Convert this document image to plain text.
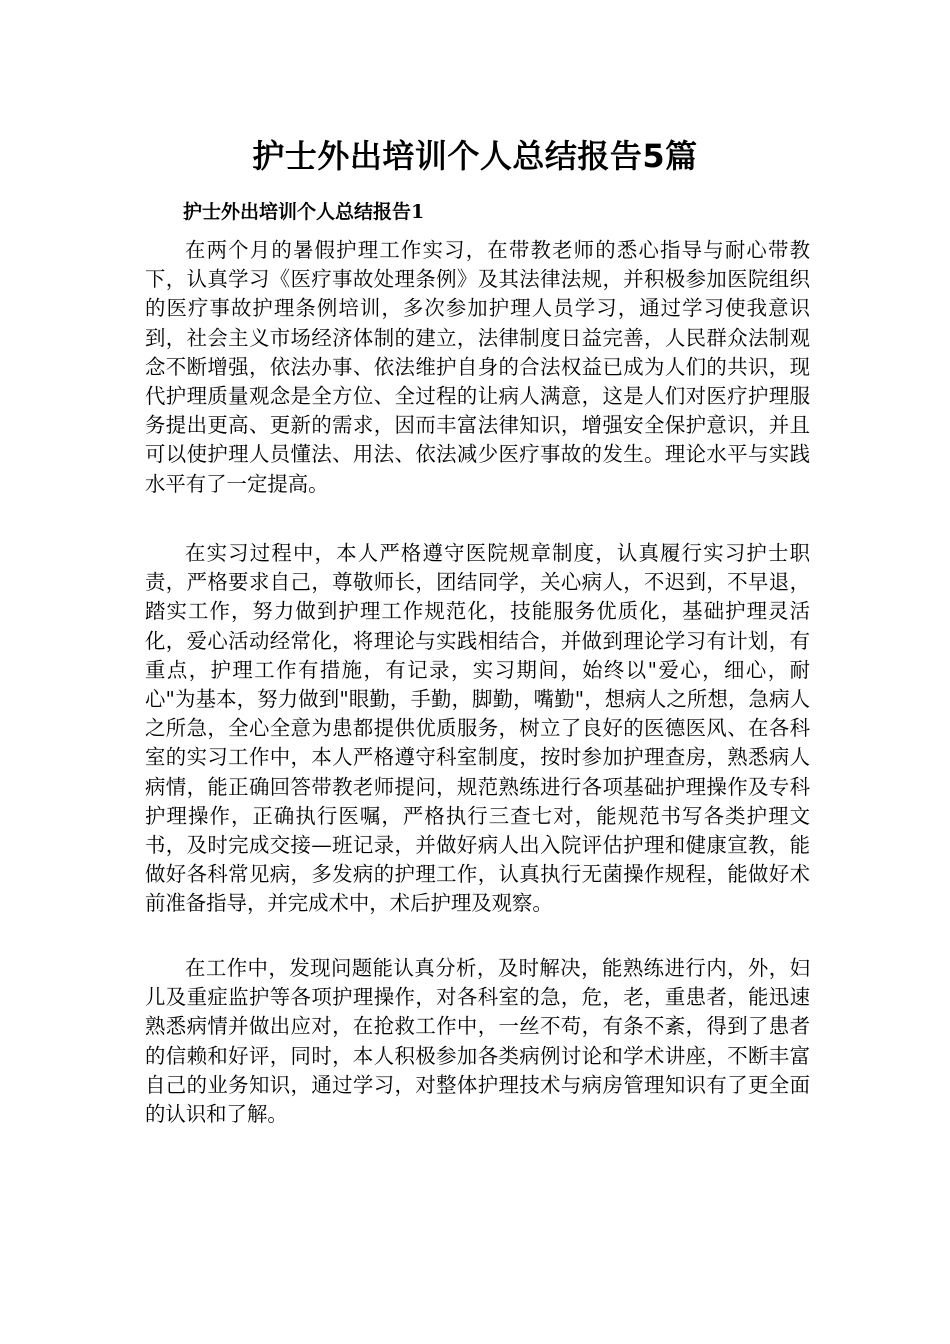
护士外出培训个人总结报告5篇
护士外出培训个人总结报告1

在两个月的暑假护理工作实习，在带教老师的悉心指导与耐心带教下，认真学习《医疗事故处理条例》及其法律法规，并积极参加医院组织的医疗事故护理条例培训，多次参加护理人员学习，通过学习使我意识到，社会主义市场经济体制的建立，法律制度日益完善，人民群众法制观念不断增强，依法办事、依法维护自身的合法权益已成为人们的共识，现代护理质量观念是全方位、全过程的让病人满意，这是人们对医疗护理服务提出更高、更新的需求，因而丰富法律知识，增强安全保护意识，并且可以使护理人员懂法、用法、依法减少医疗事故的发生。理论水平与实践水平有了一定提高。

在实习过程中，本人严格遵守医院规章制度，认真履行实习护士职责，严格要求自己，尊敬师长，团结同学，关心病人，不迟到，不早退，踏实工作，努力做到护理工作规范化，技能服务优质化，基础护理灵活化，爱心活动经常化，将理论与实践相结合，并做到理论学习有计划，有重点，护理工作有措施，有记录，实习期间，始终以"爱心，细心，耐心"为基本，努力做到"眼勤，手勤，脚勤，嘴勤"，想病人之所想，急病人之所急，全心全意为患都提供优质服务，树立了良好的医德医风、在各科室的实习工作中，本人严格遵守科室制度，按时参加护理查房，熟悉病人病情，能正确回答带教老师提问，规范熟练进行各项基础护理操作及专科护理操作，正确执行医嘱，严格执行三查七对，能规范书写各类护理文书，及时完成交接—班记录，并做好病人出入院评估护理和健康宣教，能做好各科常见病，多发病的护理工作，认真执行无菌操作规程，能做好术前准备指导，并完成术中，术后护理及观察。

在工作中，发现问题能认真分析，及时解决，能熟练进行内，外，妇儿及重症监护等各项护理操作，对各科室的急，危，老，重患者，能迅速熟悉病情并做出应对，在抢救工作中，一丝不苟，有条不紊，得到了患者的信赖和好评，同时，本人积极参加各类病例讨论和学术讲座，不断丰富自己的业务知识，通过学习，对整体护理技术与病房管理知识有了更全面的认识和了解。
